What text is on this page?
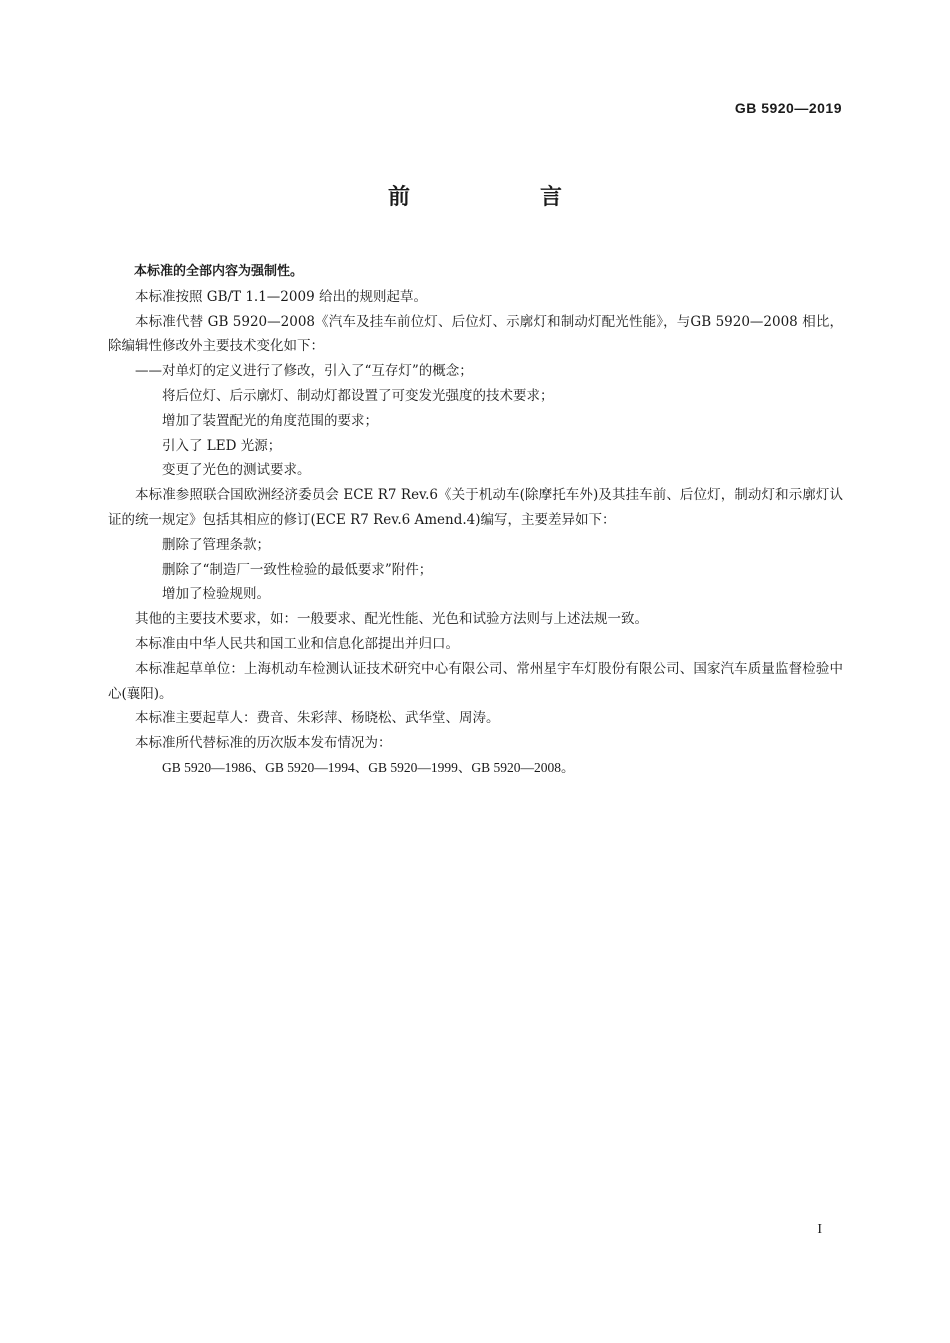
GB 5920—2019
前　言

本标准的全部内容为强制性。

本标准按照 GB/T 1.1—2009 给出的规则起草。

本标准代替 GB 5920—2008《汽车及挂车前位灯、后位灯、示廓灯和制动灯配光性能》，与GB 5920—2008 相比，除编辑性修改外主要技术变化如下：

——对单灯的定义进行了修改，引入了“互存灯”的概念；

将后位灯、后示廓灯、制动灯都设置了可变发光强度的技术要求；

增加了装置配光的角度范围的要求；

引入了 LED 光源；

变更了光色的测试要求。

本标准参照联合国欧洲经济委员会 ECE R7 Rev.6《关于机动车(除摩托车外)及其挂车前、后位灯，制动灯和示廓灯认证的统一规定》包括其相应的修订(ECE R7 Rev.6 Amend.4)编写，主要差异如下：

删除了管理条款；

删除了“制造厂一致性检验的最低要求”附件；

增加了检验规则。

其他的主要技术要求，如：一般要求、配光性能、光色和试验方法则与上述法规一致。

本标准由中华人民共和国工业和信息化部提出并归口。

本标准起草单位：上海机动车检测认证技术研究中心有限公司、常州星宇车灯股份有限公司、国家汽车质量监督检验中心(襄阳)。

本标准主要起草人：费音、朱彩萍、杨晓松、武华堂、周涛。

本标准所代替标准的历次版本发布情况为：

GB 5920—1986、GB 5920—1994、GB 5920—1999、GB 5920—2008。

I
